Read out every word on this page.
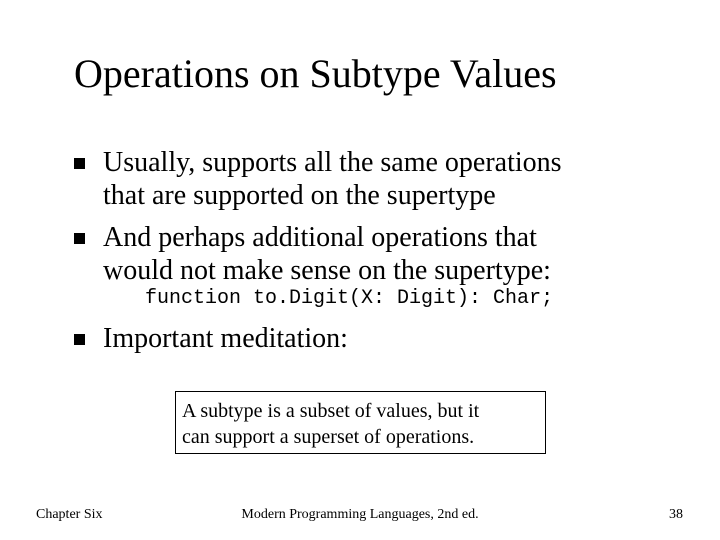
Operations on Subtype Values
Usually, supports all the same operations
that are supported on the supertype
And perhaps additional operations that
would not make sense on the supertype:
function to.Digit(X: Digit): Char;
Important meditation:
A subtype is a subset of values, but it
can support a superset of operations.
Chapter Six	Modern Programming Languages, 2nd ed.	38
